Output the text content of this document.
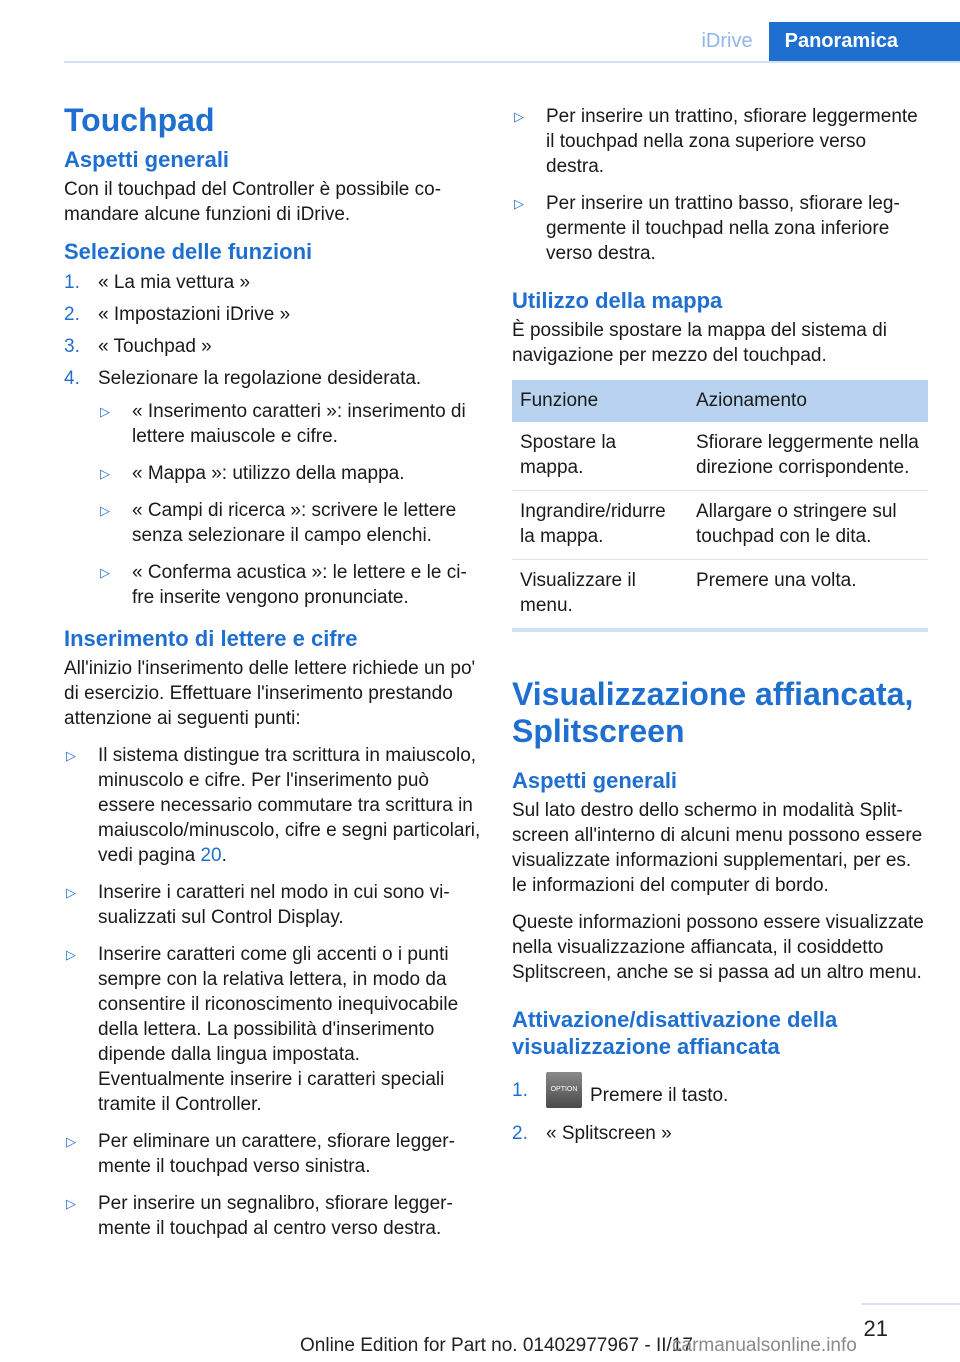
iDrive	Panoramica
Touchpad
Aspetti generali

Con il touchpad del Controller è possibile comandare alcune funzioni di iDrive.

Selezione delle funzioni
1. « La mia vettura »
2. « Impostazioni iDrive »
3. « Touchpad »
4. Selezionare la regolazione desiderata.
▷ « Inserimento caratteri »: inserimento di lettere maiuscole e cifre.
▷ « Mappa »: utilizzo della mappa.
▷ « Campi di ricerca »: scrivere le lettere senza selezionare il campo elenchi.
▷ « Conferma acustica »: le lettere e le cifre inserite vengono pronunciate.
Inserimento di lettere e cifre

All'inizio l'inserimento delle lettere richiede un po' di esercizio. Effettuare l'inserimento prestando attenzione ai seguenti punti:

▷ Il sistema distingue tra scrittura in maiuscolo, minuscolo e cifre. Per l'inserimento può essere necessario commutare tra scrittura in maiuscolo/minuscolo, cifre e segni particolari, vedi pagina 20.
▷ Inserire i caratteri nel modo in cui sono visualizzati sul Control Display.
▷ Inserire caratteri come gli accenti o i punti sempre con la relativa lettera, in modo da consentire il riconoscimento inequivocabile della lettera. La possibilità d'inserimento dipende dalla lingua impostata. Eventualmente inserire i caratteri speciali tramite il Controller.
▷ Per eliminare un carattere, sfiorare leggermente il touchpad verso sinistra.
▷ Per inserire un segnalibro, sfiorare leggermente il touchpad al centro verso destra.
▷ Per inserire un trattino, sfiorare leggermente il touchpad nella zona superiore verso destra.
▷ Per inserire un trattino basso, sfiorare leggermente il touchpad nella zona inferiore verso destra.
Utilizzo della mappa

È possibile spostare la mappa del sistema di navigazione per mezzo del touchpad.

Funzione	Azionamento
Spostare la mappa.	Sfiorare leggermente nella direzione corrispondente.
Ingrandire/ridurre la mappa.	Allargare o stringere sul touchpad con le dita.
Visualizzare il menu.	Premere una volta.
Visualizzazione affiancata, Splitscreen
Aspetti generali

Sul lato destro dello schermo in modalità Splitscreen all'interno di alcuni menu possono essere visualizzate informazioni supplementari, per es. le informazioni del computer di bordo.

Queste informazioni possono essere visualizzate nella visualizzazione affiancata, il cosiddetto Splitscreen, anche se si passa ad un altro menu.

Attivazione/disattivazione della visualizzazione affiancata
1.	OPTION Premere il tasto.
2. « Splitscreen »
21
Online Edition for Part no. 01402977967 - II/17
carmanualsonline.info
